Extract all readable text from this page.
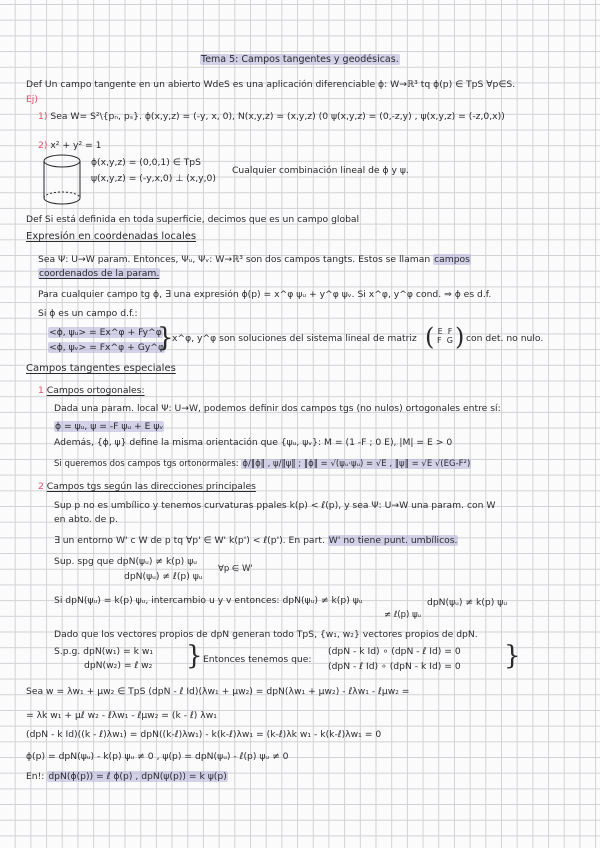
Tema 5: Campos tangentes y geodésicas.
Def Un campo tangente en un abierto WdeS es una aplicación diferenciable ϕ: W→ℝ³ tq ϕ(p) ∈ TpS ∀p∈S.
Ej)
1) Sea W= S²\{pₙ, pₛ}. ϕ(x,y,z) = (-y, x, 0), N(x,y,z) = (x,y,z) (0 ψ(x,y,z) = (0,-z,y) , ψ(x,y,z) = (-z,0,x))
2) x² + y² = 1
ϕ(x,y,z) = (0,0,1) ∈ TpS
ψ(x,y,z) = (-y,x,0) ⊥ (x,y,0)
Cualquier combinación lineal de ϕ y ψ.
Def Si está definida en toda superficie, decimos que es un campo global
Expresión en coordenadas locales
Sea Ψ: U→W param. Entonces, Ψᵤ, Ψᵥ: W→ℝ³ son dos campos tangts. Estos se llaman campos
coordenados de la param.
Para cualquier campo tg ϕ, ∃ una expresión ϕ(p) = x^φ ψᵤ + y^φ ψᵥ. Si x^φ, y^φ cond. ⇒ ϕ es d.f.
Si ϕ es un campo d.f.:
<ϕ, ψᵤ> = Ex^φ + Fy^φ
<ϕ, ψᵥ> = Fx^φ + Gy^φ
}
x^φ, y^φ son soluciones del sistema lineal de matriz ( E F
F G ) con det. no nulo.
Campos tangentes especiales
1 Campos ortogonales:
Dada una param. local Ψ: U→W, podemos definir dos campos tgs (no nulos) ortogonales entre sí:
ϕ = ψᵤ, ψ = -F ψᵤ + E ψᵥ
Además, {ϕ, ψ} define la misma orientación que {ψᵤ, ψᵥ}: M = (1 -F ; 0 E), |M| = E > 0
Si queremos dos campos tgs ortonormales: ϕ/‖ϕ‖ , ψ/‖ψ‖ ; ‖ϕ‖ = √(ψᵤ·ψᵤ) = √E , ‖ψ‖ = √E √(EG-F²)
2 Campos tgs según las direcciones principales
Sup p no es umbílico y tenemos curvaturas ppales k(p) < ℓ(p), y sea Ψ: U→W una param. con W
en abto. de p.
∃ un entorno W' c W de p tq ∀p' ∈ W' k(p') < ℓ(p'). En part. W' no tiene punt. umbílicos.
Sup. spg que dpN(ψᵤ) ≠ k(p) ψᵤ
dpN(ψᵤ) ≠ ℓ(p) ψᵤ
∀p ∈ W'
Si dpN(ψᵤ) = k(p) ψᵤ, intercambio u y v entonces: dpN(ψᵤ) ≠ k(p) ψᵤ
≠ ℓ(p) ψᵤ
dpN(ψᵤ) ≠ k(p) ψᵤ
Dado que los vectores propios de dpN generan todo TpS, {w₁, w₂} vectores propios de dpN.
S.p.g. dpN(w₁) = k w₁
dpN(w₂) = ℓ w₂ } Entonces tenemos que:
(dpN - k Id) ∘ (dpN - ℓ Id) = 0
(dpN - ℓ Id) ∘ (dpN - k Id) = 0 }
Sea w = λw₁ + μw₂ ∈ TpS (dpN - ℓ Id)(λw₁ + μw₂) = dpN(λw₁ + μw₂) - ℓλw₁ - ℓμw₂ =
= λk w₁ + μℓ w₂ - ℓλw₁ - ℓμw₂ = (k - ℓ) λw₁
(dpN - k Id)((k - ℓ)λw₁) = dpN((k-ℓ)λw₁) - k(k-ℓ)λw₁ = (k-ℓ)λk w₁ - k(k-ℓ)λw₁ = 0
ϕ(p) = dpN(ψᵤ) - k(p) ψᵤ ≠ 0 , ψ(p) = dpN(ψᵤ) - ℓ(p) ψᵤ ≠ 0
En!: dpN(ϕ(p)) = ℓ ϕ(p) , dpN(ψ(p)) = k ψ(p)
